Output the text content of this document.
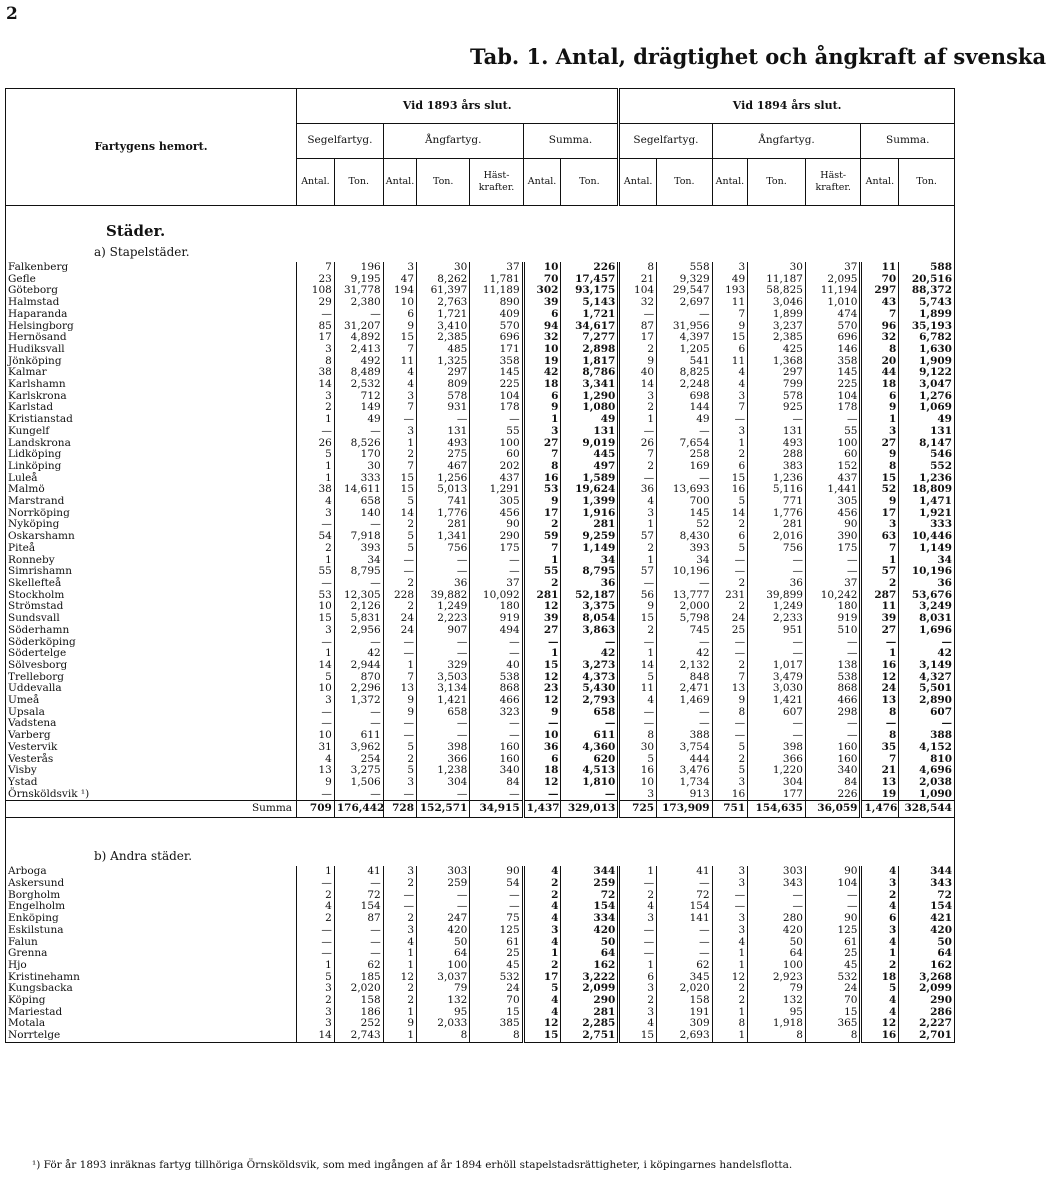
2
Tab. 1. Antal, drägtighet och ångkraft af svenska
Fartygens hemort.	Vid 1893 års slut.							Vid 1894 års slut.						
	Segelfartyg.		Ångfartyg.			Summa.		Segelfartyg.		Ångfartyg.			Summa.	
	Antal.	Ton.	Antal.	Ton.	Häst-krafter.	Antal.	Ton.	Antal.	Ton.	Antal.	Ton.	Häst-krafter.	Antal.	Ton.

Städer.														
a) Stapelstäder.														
Falkenberg	7	196	3	30	37	10	226	8	558	3	30	37	11	588
Gefle	23	9,195	47	8,262	1,781	70	17,457	21	9,329	49	11,187	2,095	70	20,516
Göteborg	108	31,778	194	61,397	11,189	302	93,175	104	29,547	193	58,825	11,194	297	88,372
Halmstad	29	2,380	10	2,763	890	39	5,143	32	2,697	11	3,046	1,010	43	5,743
Haparanda	—	—	6	1,721	409	6	1,721	—	—	7	1,899	474	7	1,899
Helsingborg	85	31,207	9	3,410	570	94	34,617	87	31,956	9	3,237	570	96	35,193
Hernösand	17	4,892	15	2,385	696	32	7,277	17	4,397	15	2,385	696	32	6,782
Hudiksvall	3	2,413	7	485	171	10	2,898	2	1,205	6	425	146	8	1,630
Jönköping	8	492	11	1,325	358	19	1,817	9	541	11	1,368	358	20	1,909
Kalmar	38	8,489	4	297	145	42	8,786	40	8,825	4	297	145	44	9,122
Karlshamn	14	2,532	4	809	225	18	3,341	14	2,248	4	799	225	18	3,047
Karlskrona	3	712	3	578	104	6	1,290	3	698	3	578	104	6	1,276
Karlstad	2	149	7	931	178	9	1,080	2	144	7	925	178	9	1,069
Kristianstad	1	49	—	—	—	1	49	1	49	—	—	—	1	49
Kungelf	—	—	3	131	55	3	131	—	—	3	131	55	3	131
Landskrona	26	8,526	1	493	100	27	9,019	26	7,654	1	493	100	27	8,147
Lidköping	5	170	2	275	60	7	445	7	258	2	288	60	9	546
Linköping	1	30	7	467	202	8	497	2	169	6	383	152	8	552
Luleå	1	333	15	1,256	437	16	1,589	—	—	15	1,236	437	15	1,236
Malmö	38	14,611	15	5,013	1,291	53	19,624	36	13,693	16	5,116	1,441	52	18,809
Marstrand	4	658	5	741	305	9	1,399	4	700	5	771	305	9	1,471
Norrköping	3	140	14	1,776	456	17	1,916	3	145	14	1,776	456	17	1,921
Nyköping	—	—	2	281	90	2	281	1	52	2	281	90	3	333
Oskarshamn	54	7,918	5	1,341	290	59	9,259	57	8,430	6	2,016	390	63	10,446
Piteå	2	393	5	756	175	7	1,149	2	393	5	756	175	7	1,149
Ronneby	1	34	—	—	—	1	34	1	34	—	—	—	1	34
Simrishamn	55	8,795	—	—	—	55	8,795	57	10,196	—	—	—	57	10,196
Skellefteå	—	—	2	36	37	2	36	—	—	2	36	37	2	36
Stockholm	53	12,305	228	39,882	10,092	281	52,187	56	13,777	231	39,899	10,242	287	53,676
Strömstad	10	2,126	2	1,249	180	12	3,375	9	2,000	2	1,249	180	11	3,249
Sundsvall	15	5,831	24	2,223	919	39	8,054	15	5,798	24	2,233	919	39	8,031
Söderhamn	3	2,956	24	907	494	27	3,863	2	745	25	951	510	27	1,696
Söderköping	—	—	—	—	—	—	—	—	—	—	—	—	—	—
Södertelge	1	42	—	—	—	1	42	1	42	—	—	—	1	42
Sölvesborg	14	2,944	1	329	40	15	3,273	14	2,132	2	1,017	138	16	3,149
Trelleborg	5	870	7	3,503	538	12	4,373	5	848	7	3,479	538	12	4,327
Uddevalla	10	2,296	13	3,134	868	23	5,430	11	2,471	13	3,030	868	24	5,501
Umeå	3	1,372	9	1,421	466	12	2,793	4	1,469	9	1,421	466	13	2,890
Upsala	—	—	9	658	323	9	658	—	—	8	607	298	8	607
Vadstena	—	—	—	—	—	—	—	—	—	—	—	—	—	—
Varberg	10	611	—	—	—	10	611	8	388	—	—	—	8	388
Vestervik	31	3,962	5	398	160	36	4,360	30	3,754	5	398	160	35	4,152
Vesterås	4	254	2	366	160	6	620	5	444	2	366	160	7	810
Visby	13	3,275	5	1,238	340	18	4,513	16	3,476	5	1,220	340	21	4,696
Ystad	9	1,506	3	304	84	12	1,810	10	1,734	3	304	84	13	2,038
Örnsköldsvik ¹)	—	—	—	—	—	—	—	3	913	16	177	226	19	1,090
Summa	709	176,442	728	152,571	34,915	1,437	329,013	725	173,909	751	154,635	36,059	1,476	328,544

b) Andra städer.														
Arboga	1	41	3	303	90	4	344	1	41	3	303	90	4	344
Askersund	—	—	2	259	54	2	259	—	—	3	343	104	3	343
Borgholm	2	72	—	—	—	2	72	2	72	—	—	—	2	72
Engelholm	4	154	—	—	—	4	154	4	154	—	—	—	4	154
Enköping	2	87	2	247	75	4	334	3	141	3	280	90	6	421
Eskilstuna	—	—	3	420	125	3	420	—	—	3	420	125	3	420
Falun	—	—	4	50	61	4	50	—	—	4	50	61	4	50
Grenna	—	—	1	64	25	1	64	—	—	1	64	25	1	64
Hjo	1	62	1	100	45	2	162	1	62	1	100	45	2	162
Kristinehamn	5	185	12	3,037	532	17	3,222	6	345	12	2,923	532	18	3,268
Kungsbacka	3	2,020	2	79	24	5	2,099	3	2,020	2	79	24	5	2,099
Köping	2	158	2	132	70	4	290	2	158	2	132	70	4	290
Mariestad	3	186	1	95	15	4	281	3	191	1	95	15	4	286
Motala	3	252	9	2,033	385	12	2,285	4	309	8	1,918	365	12	2,227
Norrtelge	14	2,743	1	8	8	15	2,751	15	2,693	1	8	8	16	2,701
¹) För år 1893 inräknas fartyg tillhöriga Örnsköldsvik, som med ingången af år 1894 erhöll stapelstadsrättigheter, i köpingarnes handelsflotta.
